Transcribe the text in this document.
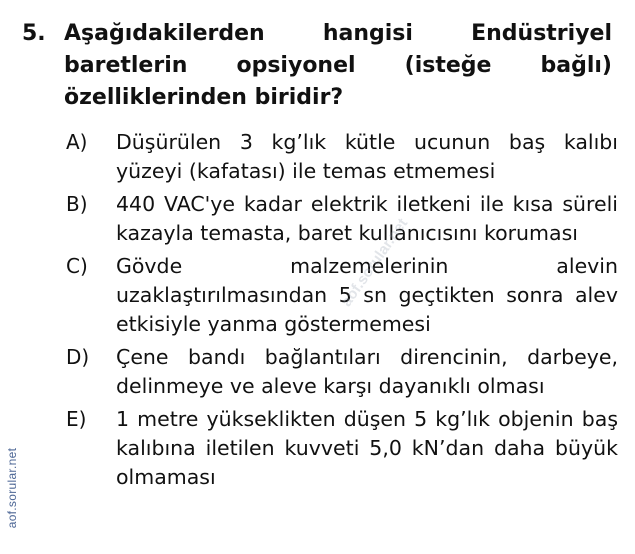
5. Aşağıdakilerden hangisi Endüstriyel baretlerin opsiyonel (isteğe bağlı) özelliklerinden biridir?
A)	Düşürülen 3 kg’lık kütle ucunun baş kalıbı yüzeyi (kafatası) ile temas etmemesi
B)	440 VAC'ye kadar elektrik iletkeni ile kısa süreli kazayla temasta, baret kullanıcısını koruması
C)	Gövde malzemelerinin alevin uzaklaştırılmasından 5 sn geçtikten sonra alev etkisiyle yanma göstermemesi
D)	Çene bandı bağlantıları direncinin, darbeye, delinmeye ve aleve karşı dayanıklı olması
E)	1 metre yükseklikten düşen 5 kg’lık objenin baş kalıbına iletilen kuvveti 5,0 kN’dan daha büyük olmaması
aof.sorular.net
aof.sorular.net
